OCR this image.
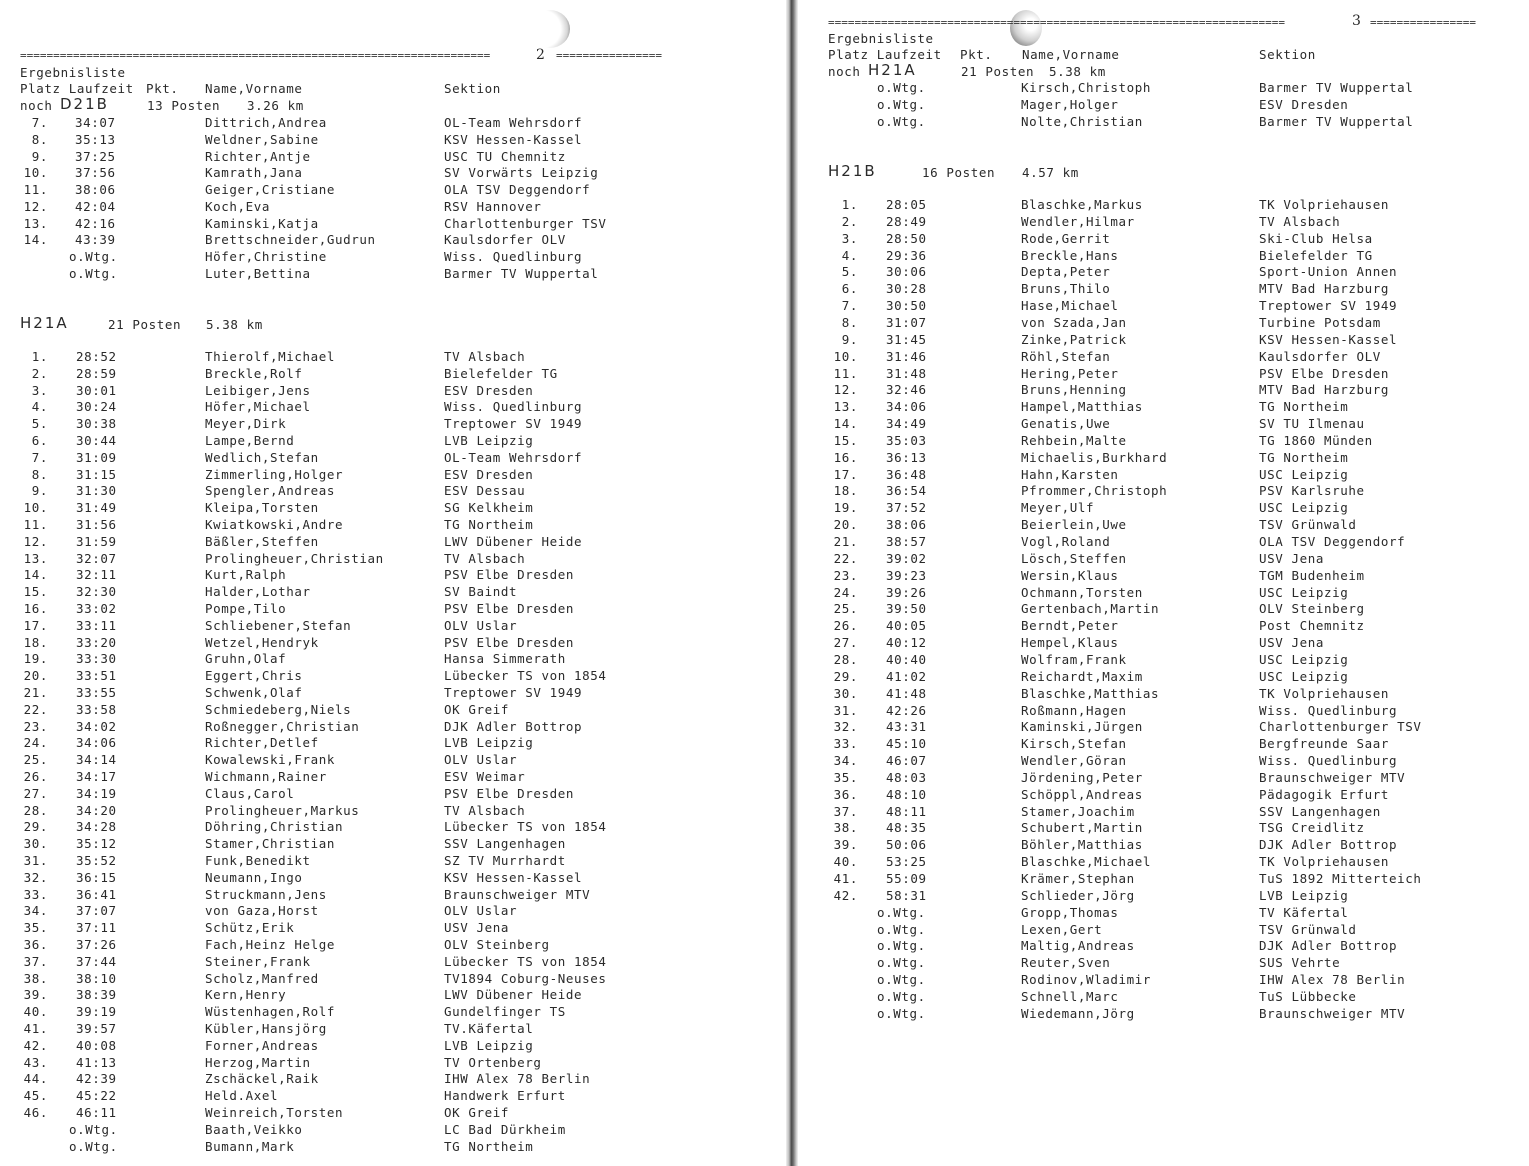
=======================================================================	2 ================
Ergebnisliste
Platz Laufzeit Pkt. Name,Vorname	Sektion
noch D21B	13 Posten 3.26 km
7. 34:07	Dittrich,Andrea	OL-Team Wehrsdorf
8. 35:13	Weldner,Sabine	KSV Hessen-Kassel
9. 37:25	Richter,Antje	USC TU Chemnitz
10. 37:56	Kamrath,Jana	SV Vorwärts Leipzig
11. 38:06	Geiger,Cristiane	OLA TSV Deggendorf
12. 42:04	Koch,Eva	RSV Hannover
13. 42:16	Kaminski,Katja	Charlottenburger TSV
14. 43:39	Brettschneider,Gudrun	Kaulsdorfer OLV
o.Wtg.	Höfer,Christine	Wiss. Quedlinburg
o.Wtg.	Luter,Bettina	Barmer TV Wuppertal
H21A	21 Posten 5.38 km
1. 28:52	Thierolf,Michael	TV Alsbach
2. 28:59	Breckle,Rolf	Bielefelder TG
3. 30:01	Leibiger,Jens	ESV Dresden
4. 30:24	Höfer,Michael	Wiss. Quedlinburg
5. 30:38	Meyer,Dirk	Treptower SV 1949
6. 30:44	Lampe,Bernd	LVB Leipzig
7. 31:09	Wedlich,Stefan	OL-Team Wehrsdorf
8. 31:15	Zimmerling,Holger	ESV Dresden
9. 31:30	Spengler,Andreas	ESV Dessau
10. 31:49	Kleipa,Torsten	SG Kelkheim
11. 31:56	Kwiatkowski,Andre	TG Northeim
12. 31:59	Bäßler,Steffen	LWV Dübener Heide
13. 32:07	Prolingheuer,Christian	TV Alsbach
14. 32:11	Kurt,Ralph	PSV Elbe Dresden
15. 32:30	Halder,Lothar	SV Baindt
16. 33:02	Pompe,Tilo	PSV Elbe Dresden
17. 33:11	Schliebener,Stefan	OLV Uslar
18. 33:20	Wetzel,Hendryk	PSV Elbe Dresden
19. 33:30	Gruhn,Olaf	Hansa Simmerath
20. 33:51	Eggert,Chris	Lübecker TS von 1854
21. 33:55	Schwenk,Olaf	Treptower SV 1949
22. 33:58	Schmiedeberg,Niels	OK Greif
23. 34:02	Roßnegger,Christian	DJK Adler Bottrop
24. 34:06	Richter,Detlef	LVB Leipzig
25. 34:14	Kowalewski,Frank	OLV Uslar
26. 34:17	Wichmann,Rainer	ESV Weimar
27. 34:19	Claus,Carol	PSV Elbe Dresden
28. 34:20	Prolingheuer,Markus	TV Alsbach
29. 34:28	Döhring,Christian	Lübecker TS von 1854
30. 35:12	Stamer,Christian	SSV Langenhagen
31. 35:52	Funk,Benedikt	SZ TV Murrhardt
32. 36:15	Neumann,Ingo	KSV Hessen-Kassel
33. 36:41	Struckmann,Jens	Braunschweiger MTV
34. 37:07	von Gaza,Horst	OLV Uslar
35. 37:11	Schütz,Erik	USV Jena
36. 37:26	Fach,Heinz Helge	OLV Steinberg
37. 37:44	Steiner,Frank	Lübecker TS von 1854
38. 38:10	Scholz,Manfred	TV1894 Coburg-Neuses
39. 38:39	Kern,Henry	LWV Dübener Heide
40. 39:19	Wüstenhagen,Rolf	Gundelfinger TS
41. 39:57	Kübler,Hansjörg	TV.Käfertal
42. 40:08	Forner,Andreas	LVB Leipzig
43. 41:13	Herzog,Martin	TV Ortenberg
44. 42:39	Zschäckel,Raik	IHW Alex 78 Berlin
45. 45:22	Held.Axel	Handwerk Erfurt
46. 46:11	Weinreich,Torsten	OK Greif
o.Wtg.	Baath,Veikko	LC Bad Dürkheim
o.Wtg.	Bumann,Mark	TG Northeim
=====================================================================	3 ================
Ergebnisliste
Platz Laufzeit Pkt. Name,Vorname	Sektion
noch H21A	21 Posten 5.38 km
o.Wtg.	Kirsch,Christoph	Barmer TV Wuppertal
o.Wtg.	Mager,Holger	ESV Dresden
o.Wtg.	Nolte,Christian	Barmer TV Wuppertal
H21B	16 Posten 4.57 km
1. 28:05	Blaschke,Markus	TK Volpriehausen
2. 28:49	Wendler,Hilmar	TV Alsbach
3. 28:50	Rode,Gerrit	Ski-Club Helsa
4. 29:36	Breckle,Hans	Bielefelder TG
5. 30:06	Depta,Peter	Sport-Union Annen
6. 30:28	Bruns,Thilo	MTV Bad Harzburg
7. 30:50	Hase,Michael	Treptower SV 1949
8. 31:07	von Szada,Jan	Turbine Potsdam
9. 31:45	Zinke,Patrick	KSV Hessen-Kassel
10. 31:46	Röhl,Stefan	Kaulsdorfer OLV
11. 31:48	Hering,Peter	PSV Elbe Dresden
12. 32:46	Bruns,Henning	MTV Bad Harzburg
13. 34:06	Hampel,Matthias	TG Northeim
14. 34:49	Genatis,Uwe	SV TU Ilmenau
15. 35:03	Rehbein,Malte	TG 1860 Münden
16. 36:13	Michaelis,Burkhard	TG Northeim
17. 36:48	Hahn,Karsten	USC Leipzig
18. 36:54	Pfrommer,Christoph	PSV Karlsruhe
19. 37:52	Meyer,Ulf	USC Leipzig
20. 38:06	Beierlein,Uwe	TSV Grünwald
21. 38:57	Vogl,Roland	OLA TSV Deggendorf
22. 39:02	Lösch,Steffen	USV Jena
23. 39:23	Wersin,Klaus	TGM Budenheim
24. 39:26	Ochmann,Torsten	USC Leipzig
25. 39:50	Gertenbach,Martin	OLV Steinberg
26. 40:05	Berndt,Peter	Post Chemnitz
27. 40:12	Hempel,Klaus	USV Jena
28. 40:40	Wolfram,Frank	USC Leipzig
29. 41:02	Reichardt,Maxim	USC Leipzig
30. 41:48	Blaschke,Matthias	TK Volpriehausen
31. 42:26	Roßmann,Hagen	Wiss. Quedlinburg
32. 43:31	Kaminski,Jürgen	Charlottenburger TSV
33. 45:10	Kirsch,Stefan	Bergfreunde Saar
34. 46:07	Wendler,Göran	Wiss. Quedlinburg
35. 48:03	Jördening,Peter	Braunschweiger MTV
36. 48:10	Schöppl,Andreas	Pädagogik Erfurt
37. 48:11	Stamer,Joachim	SSV Langenhagen
38. 48:35	Schubert,Martin	TSG Creidlitz
39. 50:06	Böhler,Matthias	DJK Adler Bottrop
40. 53:25	Blaschke,Michael	TK Volpriehausen
41. 55:09	Krämer,Stephan	TuS 1892 Mitterteich
42. 58:31	Schlieder,Jörg	LVB Leipzig
o.Wtg.	Gropp,Thomas	TV Käfertal
o.Wtg.	Lexen,Gert	TSV Grünwald
o.Wtg.	Maltig,Andreas	DJK Adler Bottrop
o.Wtg.	Reuter,Sven	SUS Vehrte
o.Wtg.	Rodinov,Wladimir	IHW Alex 78 Berlin
o.Wtg.	Schnell,Marc	TuS Lübbecke
o.Wtg.	Wiedemann,Jörg	Braunschweiger MTV
